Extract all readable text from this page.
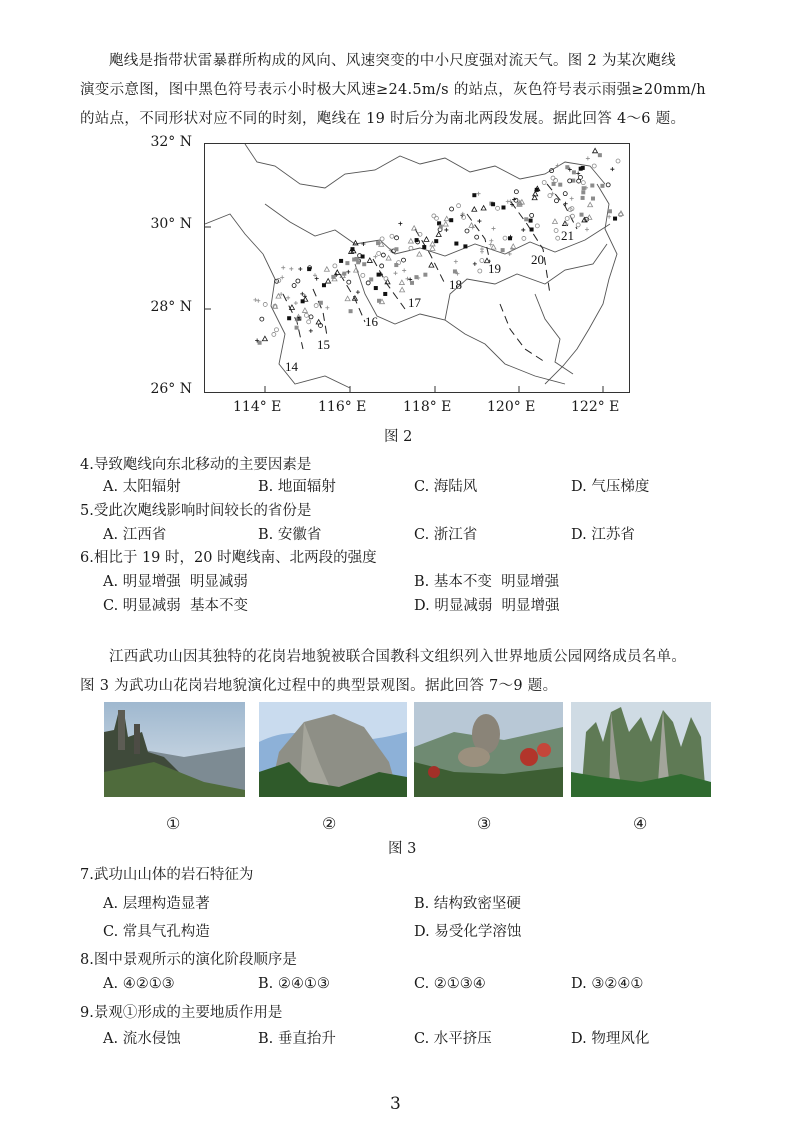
飑线是指带状雷暴群所构成的风向、风速突变的中小尺度强对流天气。图 2 为某次飑线
演变示意图，图中黑色符号表示小时极大风速≥24.5m/s 的站点，灰色符号表示雨强≥20mm/h
的站点，不同形状对应不同的时刻，飑线在 19 时后分为南北两段发展。据此回答 4～6 题。
32° N
30° N
28° N
26° N
14
15
16
17
18
19
20
21
114° E	116° E	118° E	120° E	122° E
图 2
4.导致飑线向东北移动的主要因素是
A. 太阳辐射	B. 地面辐射	C. 海陆风	D. 气压梯度
5.受此次飑线影响时间较长的省份是
A. 江西省	B. 安徽省	C. 浙江省	D. 江苏省
6.相比于 19 时，20 时飑线南、北两段的强度
A. 明显增强  明显减弱	B. 基本不变  明显增强
C. 明显减弱  基本不变	D. 明显减弱  明显增强
江西武功山因其独特的花岗岩地貌被联合国教科文组织列入世界地质公园网络成员名单。
图 3 为武功山花岗岩地貌演化过程中的典型景观图。据此回答 7～9 题。
①	②	③	④
图 3
7.武功山山体的岩石特征为
A. 层理构造显著	B. 结构致密坚硬
C. 常具气孔构造	D. 易受化学溶蚀
8.图中景观所示的演化阶段顺序是
A. ④②①③	B. ②④①③	C. ②①③④	D. ③②④①
9.景观①形成的主要地质作用是
A. 流水侵蚀	B. 垂直抬升	C. 水平挤压	D. 物理风化
3
